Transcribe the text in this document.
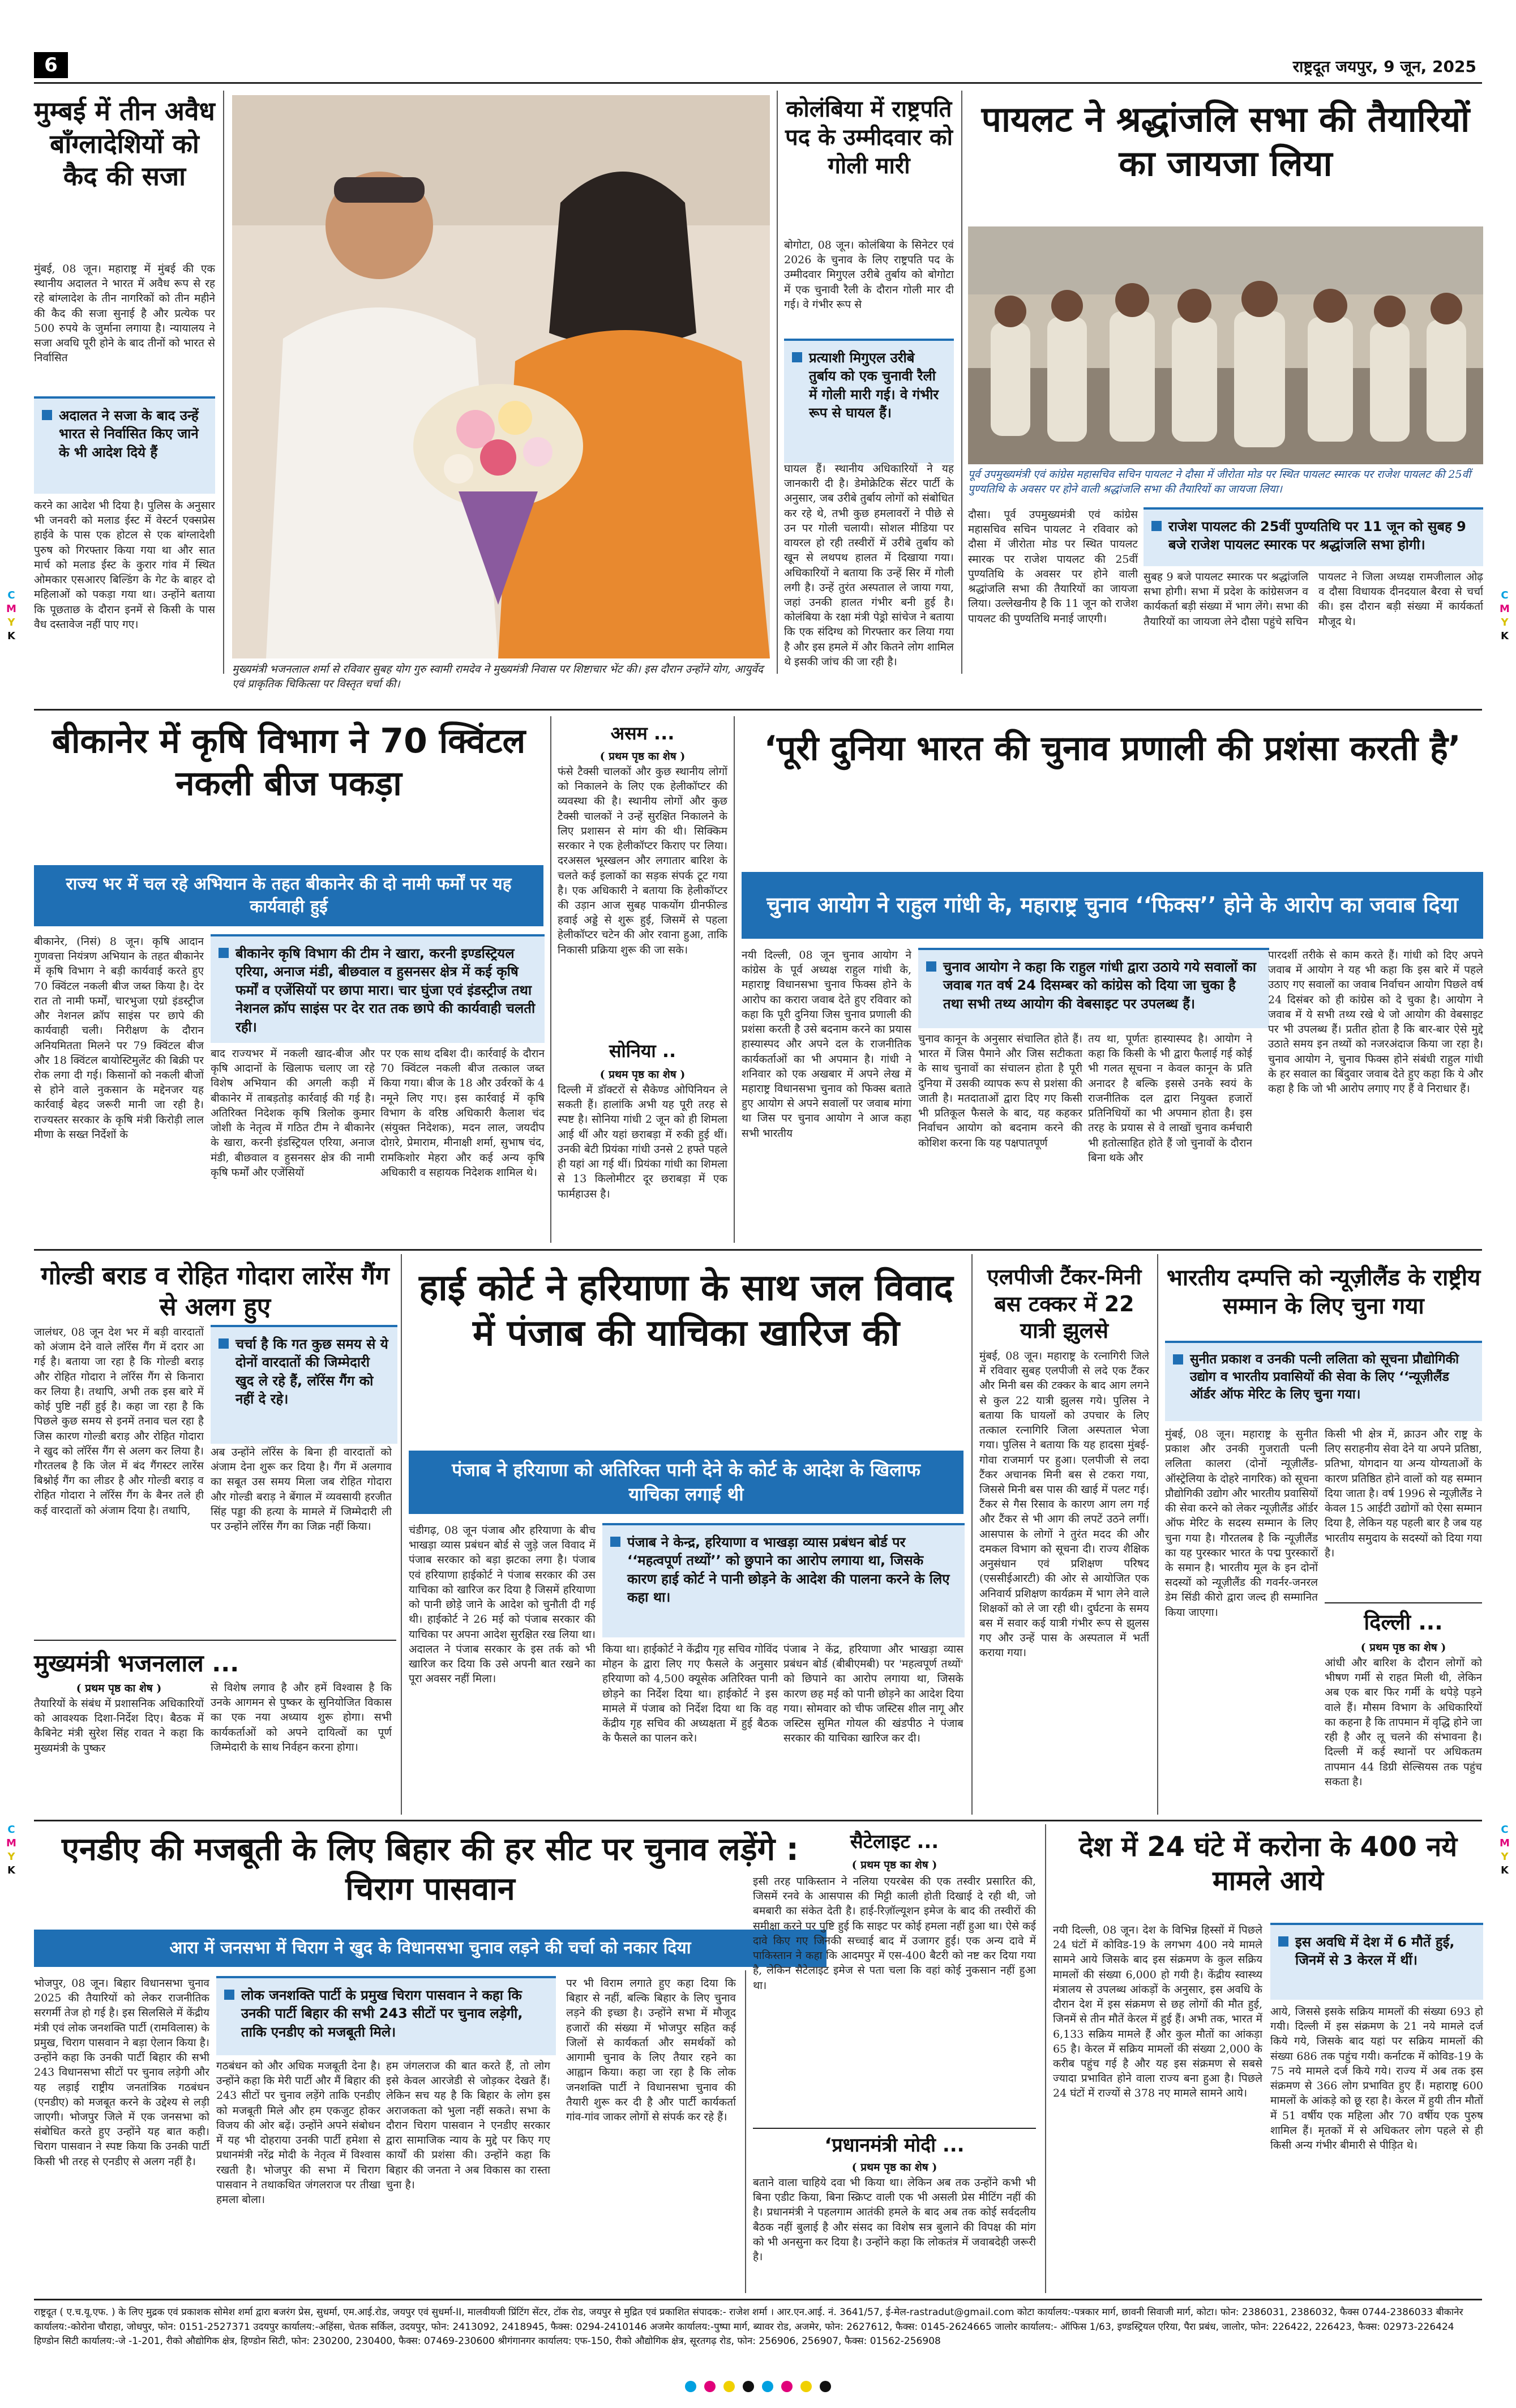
6	राष्ट्रदूत जयपुर, 9 जून, 2025
C
M
Y
K
C
M
Y
K
C
M
Y
K
C
M
Y
K
मुम्बई में तीन अवैध बाँग्लादेशियों को कैद की सजा
मुंबई, 08 जून। महाराष्ट्र में मुंबई की एक स्थानीय अदालत ने भारत में अवैध रूप से रह रहे बांग्लादेश के तीन नागरिकों को तीन महीने की कैद की सजा सुनाई है और प्रत्येक पर 500 रुपये के जुर्माना लगाया है। न्यायालय ने सजा अवधि पूरी होने के बाद तीनों को भारत से निर्वासित
अदालत ने सजा के बाद उन्हें भारत से निर्वासित किए जाने के भी आदेश दिये हैं
करने का आदेश भी दिया है। पुलिस के अनुसार भी जनवरी को मलाड ईस्ट में वेस्टर्न एक्सप्रेस हाईवे के पास एक होटल से एक बांग्लादेशी पुरुष को गिरफ्तार किया गया था और सात मार्च को मलाड ईस्ट के कुरार गांव में स्थित ओमकार एसआरए बिल्डिंग के गेट के बाहर दो महिलाओं को पकड़ा गया था। उन्होंने बताया कि पूछताछ के दौरान इनमें से किसी के पास वैध दस्तावेज नहीं पाए गए।
मुख्यमंत्री भजनलाल शर्मा से रविवार सुबह योग गुरु स्वामी रामदेव ने मुख्यमंत्री निवास पर शिष्टाचार भेंट की। इस दौरान उन्होंने योग, आयुर्वेद एवं प्राकृतिक चिकित्सा पर विस्तृत चर्चा की।
कोलंबिया में राष्ट्रपति पद के उम्मीदवार को गोली मारी
बोगोटा, 08 जून। कोलंबिया के सिनेटर एवं 2026 के चुनाव के लिए राष्ट्रपति पद के उम्मीदवार मिगुएल उरीबे तुर्बाय को बोगोटा में एक चुनावी रैली के दौरान गोली मार दी गई। वे गंभीर रूप से
प्रत्याशी मिगुएल उरीबे तुर्बाय को एक चुनावी रैली में गोली मारी गई। वे गंभीर रूप से घायल हैं।
घायल हैं। स्थानीय अधिकारियों ने यह जानकारी दी है। डेमोक्रेटिक सेंटर पार्टी के अनुसार, जब उरीबे तुर्बाय लोगों को संबोधित कर रहे थे, तभी कुछ हमलावरों ने पीछे से उन पर गोली चलायी। सोशल मीडिया पर वायरल हो रही तस्वीरों में उरीबे तुर्बाय को खून से लथपथ हालत में दिखाया गया। अधिकारियों ने बताया कि उन्हें सिर में गोली लगी है। उन्हें तुरंत अस्पताल ले जाया गया, जहां उनकी हालत गंभीर बनी हुई है। कोलंबिया के रक्षा मंत्री पेड्रो सांचेज ने बताया कि एक संदिग्ध को गिरफ्तार कर लिया गया है और इस हमले में और कितने लोग शामिल थे इसकी जांच की जा रही है।
पायलट ने श्रद्धांजलि सभा की तैयारियों का जायजा लिया
पूर्व उपमुख्यमंत्री एवं कांग्रेस महासचिव सचिन पायलट ने दौसा में जीरोता मोड पर स्थित पायलट स्मारक पर राजेश पायलट की 25वीं पुण्यतिथि के अवसर पर होने वाली श्रद्धांजलि सभा की तैयारियों का जायजा लिया।
दौसा। पूर्व उपमुख्यमंत्री एवं कांग्रेस महासचिव सचिन पायलट ने रविवार को दौसा में जीरोता मोड पर स्थित पायलट स्मारक पर राजेश पायलट की 25वीं पुण्यतिथि के अवसर पर होने वाली श्रद्धांजलि सभा की तैयारियों का जायजा लिया। उल्लेखनीय है कि 11 जून को राजेश पायलट की पुण्यतिथि मनाई जाएगी।
राजेश पायलट की 25वीं पुण्यतिथि पर 11 जून को सुबह 9 बजे राजेश पायलट स्मारक पर श्रद्धांजलि सभा होगी।
सुबह 9 बजे पायलट स्मारक पर श्रद्धांजलि सभा होगी। सभा में प्रदेश के कांग्रेसजन व कार्यकर्ता बड़ी संख्या में भाग लेंगे। सभा की तैयारियों का जायजा लेने दौसा पहुंचे सचिन पायलट ने जिला अध्यक्ष रामजीलाल ओढ़ व दौसा विधायक दीनदयाल बैरवा से चर्चा की। इस दौरान बड़ी संख्या में कार्यकर्ता मौजूद थे।
बीकानेर में कृषि विभाग ने 70 क्विंटल नकली बीज पकड़ा
राज्य भर में चल रहे अभियान के तहत बीकानेर की दो नामी फर्मों पर यह कार्यवाही हुई
बीकानेर, (निसं) 8 जून। कृषि आदान गुणवत्ता नियंत्रण अभियान के तहत बीकानेर में कृषि विभाग ने बड़ी कार्यवाई करते हुए 70 क्विंटल नकली बीज जब्त किया है। देर रात तो नामी फर्मों, चारभुजा एग्रो इंडस्ट्रीज और नेशनल क्रॉप साइंस पर छापे की कार्यवाही चली। निरीक्षण के दौरान अनियमितता मिलने पर 79 क्विंटल बीज और 18 क्विंटल बायोस्टिमुलेंट की बिक्री पर रोक लगा दी गई। किसानों को नकली बीजों से होने वाले नुकसान के मद्देनजर यह कार्रवाई बेहद जरूरी मानी जा रही है। राज्यस्तर सरकार के कृषि मंत्री किरोड़ी लाल मीणा के सख्त निर्देशों के
बीकानेर कृषि विभाग की टीम ने खारा, करनी इण्डस्ट्रियल एरिया, अनाज मंडी, बीछवाल व हुसनसर क्षेत्र में कई कृषि फर्मों व एजेंसियों पर छापा मारा। चार घुंजा एवं इंडस्ट्रीज तथा नेशनल क्रॉप साइंस पर देर रात तक छापे की कार्यवाही चलती रही।
बाद राज्यभर में नकली खाद-बीज और कृषि आदानों के खिलाफ चलाए जा रहे विशेष अभियान की अगली कड़ी में बीकानेर में ताबड़तोड़ कार्रवाई की गई है। अतिरिक्त निदेशक कृषि त्रिलोक कुमार जोशी के नेतृत्व में गठित टीम ने बीकानेर के खारा, करनी इंडस्ट्रियल एरिया, अनाज मंडी, बीछवाल व हुसनसर क्षेत्र की नामी कृषि फर्मों और एजेंसियों
पर एक साथ दबिश दी। कार्रवाई के दौरान 70 क्विंटल नकली बीज तत्काल जब्त किया गया। बीज के 18 और उर्वरकों के 4 नमूने लिए गए। इस कार्रवाई में कृषि विभाग के वरिष्ठ अधिकारी कैलाश चंद (संयुक्त निदेशक), मदन लाल, जयदीप दोग़रे, प्रेमाराम, मीनाक्षी शर्मा, सुभाष चंद, रामकिशोर मेहरा और कई अन्य कृषि अधिकारी व सहायक निदेशक शामिल थे।
असम ...
( प्रथम पृष्ठ का शेष )
फंसे टैक्सी चालकों और कुछ स्थानीय लोगों को निकालने के लिए एक हेलीकॉप्टर की व्यवस्था की है। स्थानीय लोगों और कुछ टैक्सी चालकों ने उन्हें सुरक्षित निकालने के लिए प्रशासन से मांग की थी। सिक्किम सरकार ने एक हेलीकॉप्टर किराए पर लिया। दरअसल भूस्खलन और लगातार बारिश के चलते कई इलाकों का सड़क संपर्क टूट गया है। एक अधिकारी ने बताया कि हेलीकॉप्टर की उड़ान आज सुबह पाकयोंग ग्रीनफील्ड हवाई अड्डे से शुरू हुई, जिसमें से पहला हेलीकॉप्टर चटेन की ओर रवाना हुआ, ताकि निकासी प्रक्रिया शुरू की जा सके।
सोनिया ..
( प्रथम पृष्ठ का शेष )
दिल्ली में डॉक्टरों से सैकेण्ड ओपिनियन ले सकती हैं। हालांकि अभी यह पूरी तरह से स्पष्ट है। सोनिया गांधी 2 जून को ही शिमला आई थीं और यहां छराबड़ा में रुकी हुई थीं। उनकी बेटी प्रियंका गांधी उनसे 2 हफ्ते पहले ही यहां आ गई थीं। प्रियंका गांधी का शिमला से 13 किलोमीटर दूर छराबड़ा में एक फार्महाउस है।
‘पूरी दुनिया भारत की चुनाव प्रणाली की प्रशंसा करती है’
चुनाव आयोग ने राहुल गांधी के, महाराष्ट्र चुनाव ‘‘फिक्स’’ होने के आरोप का जवाब दिया
नयी दिल्ली, 08 जून चुनाव आयोग ने कांग्रेस के पूर्व अध्यक्ष राहुल गांधी के, महाराष्ट्र विधानसभा चुनाव फिक्स होने के आरोप का करारा जवाब देते हुए रविवार को कहा कि पूरी दुनिया जिस चुनाव प्रणाली की प्रशंसा करती है उसे बदनाम करने का प्रयास हास्यास्पद और अपने दल के राजनीतिक कार्यकर्ताओं का भी अपमान है। गांधी ने शनिवार को एक अखबार में अपने लेख में महाराष्ट्र विधानसभा चुनाव को फिक्स बताते हुए आयोग से अपने सवालों पर जवाब मांगा था जिस पर चुनाव आयोग ने आज कहा सभी भारतीय
चुनाव आयोग ने कहा कि राहुल गांधी द्वारा उठाये गये सवालों का जवाब गत वर्ष 24 दिसम्बर को कांग्रेस को दिया जा चुका है तथा सभी तथ्य आयोग की वेबसाइट पर उपलब्ध हैं।
चुनाव कानून के अनुसार संचालित होते हैं। भारत में जिस पैमाने और जिस सटीकता के साथ चुनावों का संचालन होता है पूरी दुनिया में उसकी व्यापक रूप से प्रशंसा की जाती है। मतदाताओं द्वारा दिए गए किसी भी प्रतिकूल फैसले के बाद, यह कहकर निर्वाचन आयोग को बदनाम करने की कोशिश करना कि यह पक्षपातपूर्ण
तय था, पूर्णतः हास्यास्पद है। आयोग ने कहा कि किसी के भी द्वारा फैलाई गई कोई भी गलत सूचना न केवल कानून के प्रति अनादर है बल्कि इससे उनके स्वयं के राजनीतिक दल द्वारा नियुक्त हजारों प्रतिनिधियों का भी अपमान होता है। इस तरह के प्रयास से वे लाखों चुनाव कर्मचारी भी हतोत्साहित होते हैं जो चुनावों के दौरान बिना थके और
पारदर्शी तरीके से काम करते हैं। गांधी को दिए अपने जवाब में आयोग ने यह भी कहा कि इस बारे में पहले उठाए गए सवालों का जवाब निर्वाचन आयोग पिछले वर्ष 24 दिसंबर को ही कांग्रेस को दे चुका है। आयोग ने जवाब में ये सभी तथ्य रखे थे जो आयोग की वेबसाइट पर भी उपलब्ध हैं। प्रतीत होता है कि बार-बार ऐसे मुद्दे उठाते समय इन तथ्यों को नजरअंदाज किया जा रहा है। चुनाव आयोग ने, चुनाव फिक्स होने संबंधी राहुल गांधी के हर सवाल का बिंदुवार जवाब देते हुए कहा कि ये और कहा है कि जो भी आरोप लगाए गए हैं वे निराधार हैं।
गोल्डी बराड व रोहित गोदारा लारेंस गैंग से अलग हुए
जालंधर, 08 जून देश भर में बड़ी वारदातों को अंजाम देने वाले लॉरेंस गैंग में दरार आ गई है। बताया जा रहा है कि गोल्डी बराड़ और रोहित गोदारा ने लॉरेंस गैंग से किनारा कर लिया है। तथापि, अभी तक इस बारे में कोई पुष्टि नहीं हुई है। कहा जा रहा है कि पिछले कुछ समय से इनमें तनाव चल रहा है जिस कारण गोल्डी बराड़ और रोहित गोदारा ने खुद को लॉरेंस गैंग से अलग कर लिया है। गौरतलब है कि जेल में बंद गैंगस्टर लारेंस बिश्नोई गैंग का लीडर है और गोल्डी बराड़ व रोहित गोदारा ने लॉरेंस गैंग के बैनर तले ही कई वारदातों को अंजाम दिया है। तथापि,
चर्चा है कि गत कुछ समय से ये दोनों वारदातों की जिम्मेदारी खुद ले रहे हैं, लॉरेंस गैंग को नहीं दे रहे।
अब उन्होंने लॉरेंस के बिना ही वारदातों को अंजाम देना शुरू कर दिया है। गैंग में अलगाव का सबूत उस समय मिला जब रोहित गोदारा और गोल्डी बराड़ ने बेंगाल में व्यवसायी हरजीत सिंह पड्डा की हत्या के मामले में जिम्मेदारी ली पर उन्होंने लॉरेंस गैंग का जिक्र नहीं किया।
मुख्यमंत्री भजनलाल ...
( प्रथम पृष्ठ का शेष )
तैयारियों के संबंध में प्रशासनिक अधिकारियों को आवश्यक दिशा-निर्देश दिए। बैठक में कैबिनेट मंत्री सुरेश सिंह रावत ने कहा कि मुख्यमंत्री के पुष्कर
से विशेष लगाव है और हमें विश्वास है कि उनके आगमन से पुष्कर के सुनियोजित विकास का एक नया अध्याय शुरू होगा। सभी कार्यकर्ताओं को अपने दायित्वों का पूर्ण जिम्मेदारी के साथ निर्वहन करना होगा।
हाई कोर्ट ने हरियाणा के साथ जल विवाद में पंजाब की याचिका खारिज की
पंजाब ने हरियाणा को अतिरिक्त पानी देने के कोर्ट के आदेश के खिलाफ याचिका लगाई थी
चंडीगढ़, 08 जून पंजाब और हरियाणा के बीच भाखड़ा व्यास प्रबंधन बोर्ड से जुड़े जल विवाद में पंजाब सरकार को बड़ा झटका लगा है। पंजाब एवं हरियाणा हाईकोर्ट ने पंजाब सरकार की उस याचिका को खारिज कर दिया है जिसमें हरियाणा को पानी छोड़े जाने के आदेश को चुनौती दी गई थी। हाईकोर्ट ने 26 मई को पंजाब सरकार की याचिका पर अपना आदेश सुरक्षित रख लिया था। अदालत ने पंजाब सरकार के इस तर्क को भी खारिज कर दिया कि उसे अपनी बात रखने का पूरा अवसर नहीं मिला।
पंजाब ने केन्द्र, हरियाणा व भाखड़ा व्यास प्रबंधन बोर्ड पर ‘‘महत्वपूर्ण तथ्यों’’ को छुपाने का आरोप लगाया था, जिसके कारण हाई कोर्ट ने पानी छोड़ने के आदेश की पालना करने के लिए कहा था।
किया था। हाईकोर्ट ने केंद्रीय गृह सचिव गोविंद मोहन के द्वारा लिए गए फैसले के अनुसार हरियाणा को 4,500 क्यूसेक अतिरिक्त पानी छोड़ने का निर्देश दिया था। हाईकोर्ट ने इस मामले में पंजाब को निर्देश दिया था कि वह केंद्रीय गृह सचिव की अध्यक्षता में हुई बैठक के फैसले का पालन करे।
पंजाब ने केंद्र, हरियाणा और भाखड़ा व्यास प्रबंधन बोर्ड (बीबीएमबी) पर 'महत्वपूर्ण तथ्यों' को छिपाने का आरोप लगाया था, जिसके कारण छह मई को पानी छोड़ने का आदेश दिया गया। सोमवार को चीफ जस्टिस शील नागू और जस्टिस सुमित गोयल की खंडपीठ ने पंजाब सरकार की याचिका खारिज कर दी।
एलपीजी टैंकर-मिनी बस टक्कर में 22 यात्री झुलसे
मुंबई, 08 जून। महाराष्ट्र के रत्नागिरी जिले में रविवार सुबह एलपीजी से लदे एक टैंकर और मिनी बस की टक्कर के बाद आग लगने से कुल 22 यात्री झुलस गये। पुलिस ने बताया कि घायलों को उपचार के लिए तत्काल रत्नागिरि जिला अस्पताल भेजा गया। पुलिस ने बताया कि यह हादसा मुंबई-गोवा राजमार्ग पर हुआ। एलपीजी से लदा टैंकर अचानक मिनी बस से टकरा गया, जिससे मिनी बस पास की खाई में पलट गई। टैंकर से गैस रिसाव के कारण आग लग गई और टैंकर से भी आग की लपटें उठने लगीं। आसपास के लोगों ने तुरंत मदद की और दमकल विभाग को सूचना दी। राज्य शैक्षिक अनुसंधान एवं प्रशिक्षण परिषद (एससीईआरटी) की ओर से आयोजित एक अनिवार्य प्रशिक्षण कार्यक्रम में भाग लेने वाले शिक्षकों को ले जा रही थी। दुर्घटना के समय बस में सवार कई यात्री गंभीर रूप से झुलस गए और उन्हें पास के अस्पताल में भर्ती कराया गया।
भारतीय दम्पत्ति को न्यूज़ीलैंड के राष्ट्रीय सम्मान के लिए चुना गया
सुनीत प्रकाश व उनकी पत्नी ललिता को सूचना प्रौद्योगिकी उद्योग व भारतीय प्रवासियों की सेवा के लिए ‘‘न्यूज़ीलैंड ऑर्डर ऑफ मेरिट के लिए चुना गया।
मुंबई, 08 जून। महाराष्ट्र के सुनीत प्रकाश और उनकी गुजराती पत्नी ललिता कालरा (दोनों न्यूज़ीलैंड-ऑस्ट्रेलिया के दोहरे नागरिक) को सूचना प्रौद्योगिकी उद्योग और भारतीय प्रवासियों की सेवा करने को लेकर न्यूज़ीलैंड ऑर्डर ऑफ मेरिट के सदस्य सम्मान के लिए चुना गया है। गौरतलब है कि न्यूज़ीलैंड का यह पुरस्कार भारत के पद्म पुरस्कारों के समान है। भारतीय मूल के इन दोनों सदस्यों को न्यूज़ीलैंड की गवर्नर-जनरल डेम सिंडी कीरो द्वारा जल्द ही सम्मानित किया जाएगा।
किसी भी क्षेत्र में, क्राउन और राष्ट्र के लिए सराहनीय सेवा देने या अपने प्रतिष्ठा, प्रतिभा, योगदान या अन्य योग्यताओं के कारण प्रतिष्ठित होने वालों को यह सम्मान दिया जाता है। वर्ष 1996 से न्यूज़ीलैंड ने केवल 15 आईटी उद्योगों को ऐसा सम्मान दिया है, लेकिन यह पहली बार है जब यह भारतीय समुदाय के सदस्यों को दिया गया है।
दिल्ली ...
( प्रथम पृष्ठ का शेष )
आंधी और बारिश के दौरान लोगों को भीषण गर्मी से राहत मिली थी, लेकिन अब एक बार फिर गर्मी के थपेड़े पड़ने वाले हैं। मौसम विभाग के अधिकारियों का कहना है कि तापमान में वृद्धि होने जा रही है और लू चलने की संभावना है। दिल्ली में कई स्थानों पर अधिकतम तापमान 44 डिग्री सेल्सियस तक पहुंच सकता है।
एनडीए की मजबूती के लिए बिहार की हर सीट पर चुनाव लड़ेंगे : चिराग पासवान
आरा में जनसभा में चिराग ने खुद के विधानसभा चुनाव लड़ने की चर्चा को नकार दिया
भोजपुर, 08 जून। बिहार विधानसभा चुनाव 2025 की तैयारियों को लेकर राजनीतिक सरगर्मी तेज हो गई है। इस सिलसिले में केंद्रीय मंत्री एवं लोक जनशक्ति पार्टी (रामविलास) के प्रमुख, चिराग पासवान ने बड़ा ऐलान किया है। उन्होंने कहा कि उनकी पार्टी बिहार की सभी 243 विधानसभा सीटों पर चुनाव लड़ेगी और यह लड़ाई राष्ट्रीय जनतांत्रिक गठबंधन (एनडीए) को मजबूत करने के उद्देश्य से लड़ी जाएगी। भोजपुर जिले में एक जनसभा को संबोधित करते हुए उन्होंने यह बात कही। चिराग पासवान ने स्पष्ट किया कि उनकी पार्टी किसी भी तरह से एनडीए से अलग नहीं है।
लोक जनशक्ति पार्टी के प्रमुख चिराग पासवान ने कहा कि उनकी पार्टी बिहार की सभी 243 सीटों पर चुनाव लड़ेगी, ताकि एनडीए को मजबूती मिले।
गठबंधन को और अधिक मजबूती देना है। उन्होंने कहा कि मेरी पार्टी और मैं बिहार की 243 सीटों पर चुनाव लड़ेंगे ताकि एनडीए को मजबूती मिले और हम एकजुट होकर विजय की ओर बढ़ें। उन्होंने अपने संबोधन में यह भी दोहराया उनकी पार्टी हमेशा से प्रधानमंत्री नरेंद्र मोदी के नेतृत्व में विश्वास रखती है। भोजपुर की सभा में चिराग पासवान ने तथाकथित जंगलराज पर तीखा हमला बोला।
हम जंगलराज की बात करते हैं, तो लोग इसे केवल आरजेडी से जोड़कर देखते हैं। लेकिन सच यह है कि बिहार के लोग इस अराजकता को भुला नहीं सकते। सभा के दौरान चिराग पासवान ने एनडीए सरकार द्वारा सामाजिक न्याय के मुद्दे पर किए गए कार्यों की प्रशंसा की। उन्होंने कहा कि बिहार की जनता ने अब विकास का रास्ता चुना है।
पर भी विराम लगाते हुए कहा दिया कि बिहार से नहीं, बल्कि बिहार के लिए चुनाव लड़ने की इच्छा है। उन्होंने सभा में मौजूद हजारों की संख्या में भोजपुर सहित कई जिलों से कार्यकर्ता और समर्थकों को आगामी चुनाव के लिए तैयार रहने का आह्वान किया। कहा जा रहा है कि लोक जनशक्ति पार्टी ने विधानसभा चुनाव की तैयारी शुरू कर दी है और पार्टी कार्यकर्ता गांव-गांव जाकर लोगों से संपर्क कर रहे हैं।
सैटेलाइट ...
( प्रथम पृष्ठ का शेष )
इसी तरह पाकिस्तान ने नलिया एयरबेस की एक तस्वीर प्रसारित की, जिसमें रनवे के आसपास की मिट्टी काली होती दिखाई दे रही थी, जो बमबारी का संकेत देती है। हाई-रिज़ॉल्यूशन इमेज के बाद की तस्वीरों की समीक्षा करने पर पुष्टि हुई कि साइट पर कोई हमला नहीं हुआ था। ऐसे कई दावे किए गए जिनकी सच्चाई बाद में उजागर हुई। एक अन्य दावे में पाकिस्तान ने कहा कि आदमपुर में एस-400 बैटरी को नष्ट कर दिया गया है, लेकिन सैटेलाइट इमेज से पता चला कि वहां कोई नुकसान नहीं हुआ था।
‘प्रधानमंत्री मोदी ...
( प्रथम पृष्ठ का शेष )
बताने वाला चाहिये दवा भी किया था। लेकिन अब तक उन्होंने कभी भी बिना एडीट किया, बिना स्क्रिप्ट वाली एक भी असली प्रेस मीटिंग नहीं की है। प्रधानमंत्री ने पहलगाम आतंकी हमले के बाद अब तक कोई सर्वदलीय बैठक नहीं बुलाई है और संसद का विशेष सत्र बुलाने की विपक्ष की मांग को भी अनसुना कर दिया है। उन्होंने कहा कि लोकतंत्र में जवाबदेही जरूरी है।
देश में 24 घंटे में करोना के 400 नये मामले आये
नयी दिल्ली, 08 जून। देश के विभिन्न हिस्सों में पिछले 24 घंटों में कोविड-19 के लगभग 400 नये मामले सामने आये जिसके बाद इस संक्रमण के कुल सक्रिय मामलों की संख्या 6,000 हो गयी है। केंद्रीय स्वास्थ्य मंत्रालय से उपलब्ध आंकड़ों के अनुसार, इस अवधि के दौरान देश में इस संक्रमण से छह लोगों की मौत हुई, जिनमें से तीन मौतें केरल में हुई हैं। अभी तक, भारत में 6,133 सक्रिय मामले हैं और कुल मौतों का आंकड़ा 65 है। केरल में सक्रिय मामलों की संख्या 2,000 के करीब पहुंच गई है और यह इस संक्रमण से सबसे ज्यादा प्रभावित होने वाला राज्य बना हुआ है। पिछले 24 घंटों में राज्यों से 378 नए मामले सामने आये।
इस अवधि में देश में 6 मौतें हुई, जिनमें से 3 केरल में थीं।
आये, जिससे इसके सक्रिय मामलों की संख्या 693 हो गयी। दिल्ली में इस संक्रमण के 21 नये मामले दर्ज किये गये, जिसके बाद यहां पर सक्रिय मामलों की संख्या 686 तक पहुंच गयी। कर्नाटक में कोविड-19 के 75 नये मामले दर्ज किये गये। राज्य में अब तक इस संक्रमण से 366 लोग प्रभावित हुए हैं। महाराष्ट्र 600 मामलों के आंकड़े को छू रहा है। केरल में हुयी तीन मौतों में 51 वर्षीय एक महिला और 70 वर्षीय एक पुरुष शामिल हैं। मृतकों में से अधिकतर लोग पहले से ही किसी अन्य गंभीर बीमारी से पीड़ित थे।
राष्ट्रदूत ( ए.च.यू.एफ. ) के लिए मुद्रक एवं प्रकाशक सोमेश शर्मा द्वारा बजरंग प्रेस, सुधर्मा, एम.आई.रोड, जयपुर एवं सुधर्मा-II, मालवीयजी प्रिंटिंग सेंटर, टोंक रोड, जयपुर से मुद्रित एवं प्रकाशित संपादक:- राजेश शर्मा । आर.एन.आई. नं. 3641/57, ई-मेल-rastradut@gmail.com कोटा कार्यालय:-पत्रकार मार्ग, छावनी सिवाजी मार्ग, कोटा। फोन: 2386031, 2386032, फैक्स 0744-2386033 बीकानेर कार्यालय:-कोरोना चौराहा, जोधपुर, फोन: 0151-2527371 उदयपुर कार्यालय:-अहिंसा, चेतक सर्किल, उदयपुर, फोन: 2413092, 2418945, फैक्स: 0294-2410146 अजमेर कार्यालय:-पुष्पा मार्ग, ब्यावर रोड, अजमेर, फोन: 2627612, फैक्स: 0145-2624665 जालोर कार्यालय:- ऑफिस 1/63, इण्डस्ट्रियल एरिया, पैरा प्रबंध, जालोर, फोन: 226422, 226423, फैक्स: 02973-226424 हिण्डोन सिटी कार्यालय:-जे -1-201, रीको औद्योगिक क्षेत्र, हिण्डोन सिटी, फोन: 230200, 230400, फैक्स: 07469-230600 श्रीगंगानगर कार्यालय: एफ-150, रीको औद्योगिक क्षेत्र, सूरतगढ़ रोड, फोन: 256906, 256907, फैक्स: 01562-256908
